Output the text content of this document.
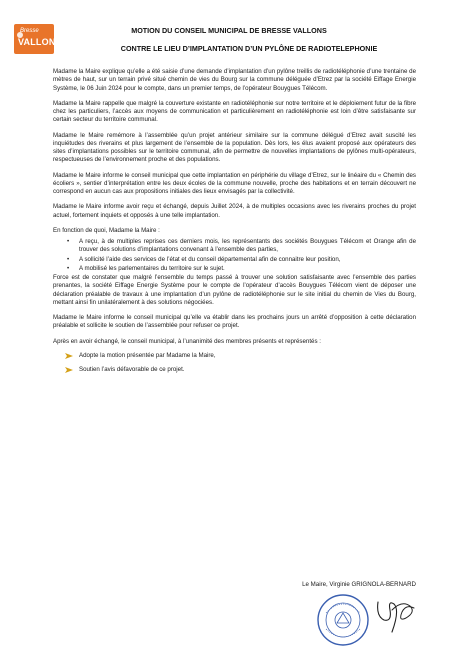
Bresse
VALLONS
MOTION DU CONSEIL MUNICIPAL DE BRESSE VALLONS
CONTRE LE LIEU D’IMPLANTATION D’UN PYLÔNE DE RADIOTELEPHONIE

Madame la Maire explique qu’elle a été saisie d’une demande d’implantation d’un pylône treillis de radiotéléphonie d’une trentaine de mètres de haut, sur un terrain privé situé chemin de vies du Bourg sur la commune déléguée d’Etrez par la société Eiffage Energie Système, le 06 Juin 2024 pour le compte, dans un premier temps, de l’opérateur Bouygues Télécom.

Madame la Maire rappelle que malgré la couverture existante en radiotéléphonie sur notre territoire et le déploiement futur de la fibre chez les particuliers, l’accès aux moyens de communication et particulièrement en radiotéléphonie est loin d’être satisfaisante sur certain secteur du territoire communal.

Madame le Maire remémore à l’assemblée qu’un projet antérieur similaire sur la commune délégué d’Etrez avait suscité les inquiétudes des riverains et plus largement de l’ensemble de la population. Dès lors, les élus avaient proposé aux opérateurs des sites d’implantations possibles sur le territoire communal, afin de permettre de nouvelles implantations de pylônes multi-opérateurs, respectueuses de l’environnement proche et des populations.

Madame le Maire informe le conseil municipal que cette implantation en périphérie du village d’Etrez, sur le linéaire du « Chemin des écoliers », sentier d’interprétation entre les deux écoles de la commune nouvelle, proche des habitations et en terrain découvert ne correspond en aucun cas aux propositions initiales des lieux envisagés par la collectivité.

Madame le Maire informe avoir reçu et échangé, depuis Juillet 2024, à de multiples occasions avec les riverains proches du projet actuel, fortement inquiets et opposés à une telle implantation.

En fonction de quoi, Madame la Maire :

• A reçu, à de multiples reprises ces derniers mois, les représentants des sociétés Bouygues Télécom et Orange afin de trouver des solutions d’implantations convenant à l’ensemble des parties,
• A sollicité l’aide des services de l’état et du conseil départemental afin de connaitre leur position,
• A mobilisé les parlementaires du territoire sur le sujet.

Force est de constater que malgré l’ensemble du temps passé à trouver une solution satisfaisante avec l’ensemble des parties prenantes, la société Eiffage Energie Système pour le compte de l’opérateur d’accès Bouygues Télécom vient de déposer une déclaration préalable de travaux à une implantation d’un pylône de radiotéléphonie sur le site initial du chemin de Vies du Bourg, mettant ainsi fin unilatéralement à des solutions négociées.

Madame le Maire informe le conseil municipal qu’elle va établir dans les prochains jours un arrêté d’opposition à cette déclaration préalable et sollicite le soutien de l’assemblée pour refuser ce projet.

Après en avoir échangé, le conseil municipal, à l’unanimité des membres présents et représentés :

Adopte la motion présentée par Madame la Maire,
Soutien l’avis défavorable de ce projet.
Le Maire, Virginie GRIGNOLA-BERNARD
